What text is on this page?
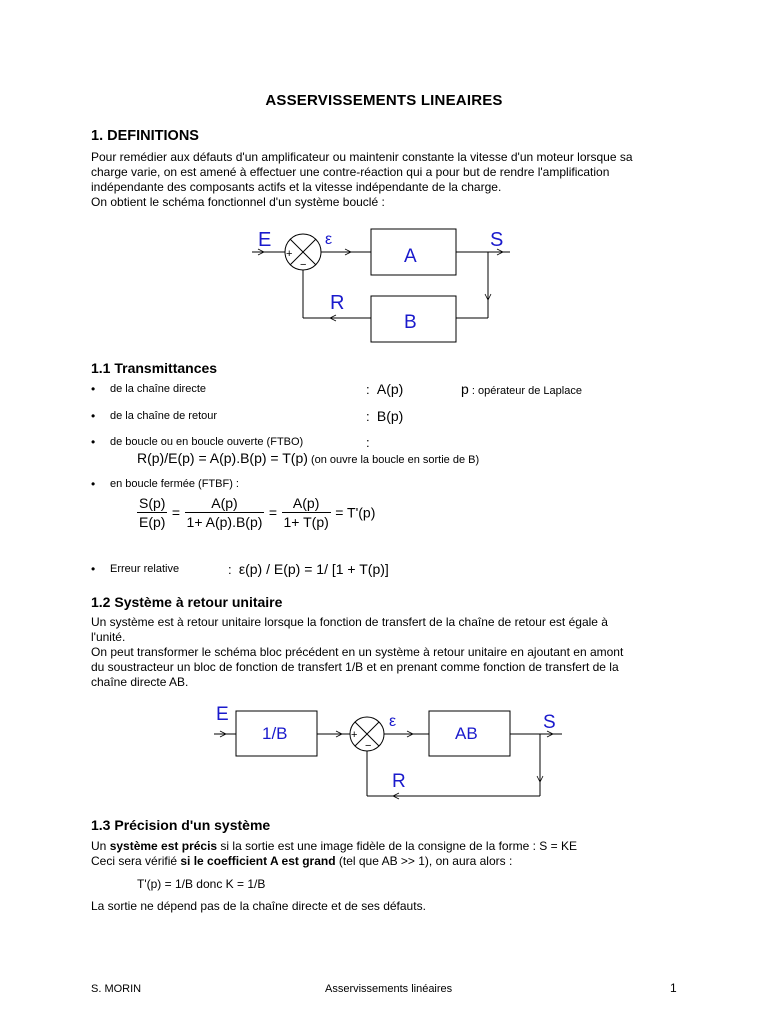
ASSERVISSEMENTS LINEAIRES
1. DEFINITIONS

Pour remédier aux défauts d'un amplificateur ou maintenir constante la vitesse d'un moteur lorsque sa

charge varie, on est amené à effectuer une contre-réaction qui a pour but de rendre l'amplification

indépendante des composants actifs et la vitesse indépendante de la charge.

On obtient le schéma fonctionnel d'un système bouclé :

E	ε	S
R
A
B
+
−
E	ε	S
R
1/B	AB
+
−
1.1 Transmittances
• de la chaîne directe	: A(p)	p : opérateur de Laplace
• de la chaîne de retour	: B(p)
• de boucle ou en boucle ouverte (FTBO)	:
R(p)/E(p) = A(p).B(p) = T(p) (on ouvre la boucle en sortie de B)
• en boucle fermée (FTBF) :
$\frac{S(p)}{E(p)} = \frac{A(p)}{1+ A(p).B(p)} = \frac{A(p)}{1+ T(p)} = T'(p)$
• Erreur relative	: ε(p) / E(p) = 1/ [1 + T(p)]
1.2 Système à retour unitaire

Un système est à retour unitaire lorsque la fonction de transfert de la chaîne de retour est égale à

l'unité.

On peut transformer le schéma bloc précédent en un système à retour unitaire en ajoutant en amont

du soustracteur un bloc de fonction de transfert 1/B et en prenant comme fonction de transfert de la

chaîne directe AB.

1.3 Précision d'un système

Un système est précis si la sortie est une image fidèle de la consigne de la forme : S = KE

Ceci sera vérifié si le coefficient A est grand (tel que AB >> 1), on aura alors :

T'(p) = 1/B donc K = 1/B
La sortie ne dépend pas de la chaîne directe et de ses défauts.
S. MORIN	Asservissements linéaires	1
